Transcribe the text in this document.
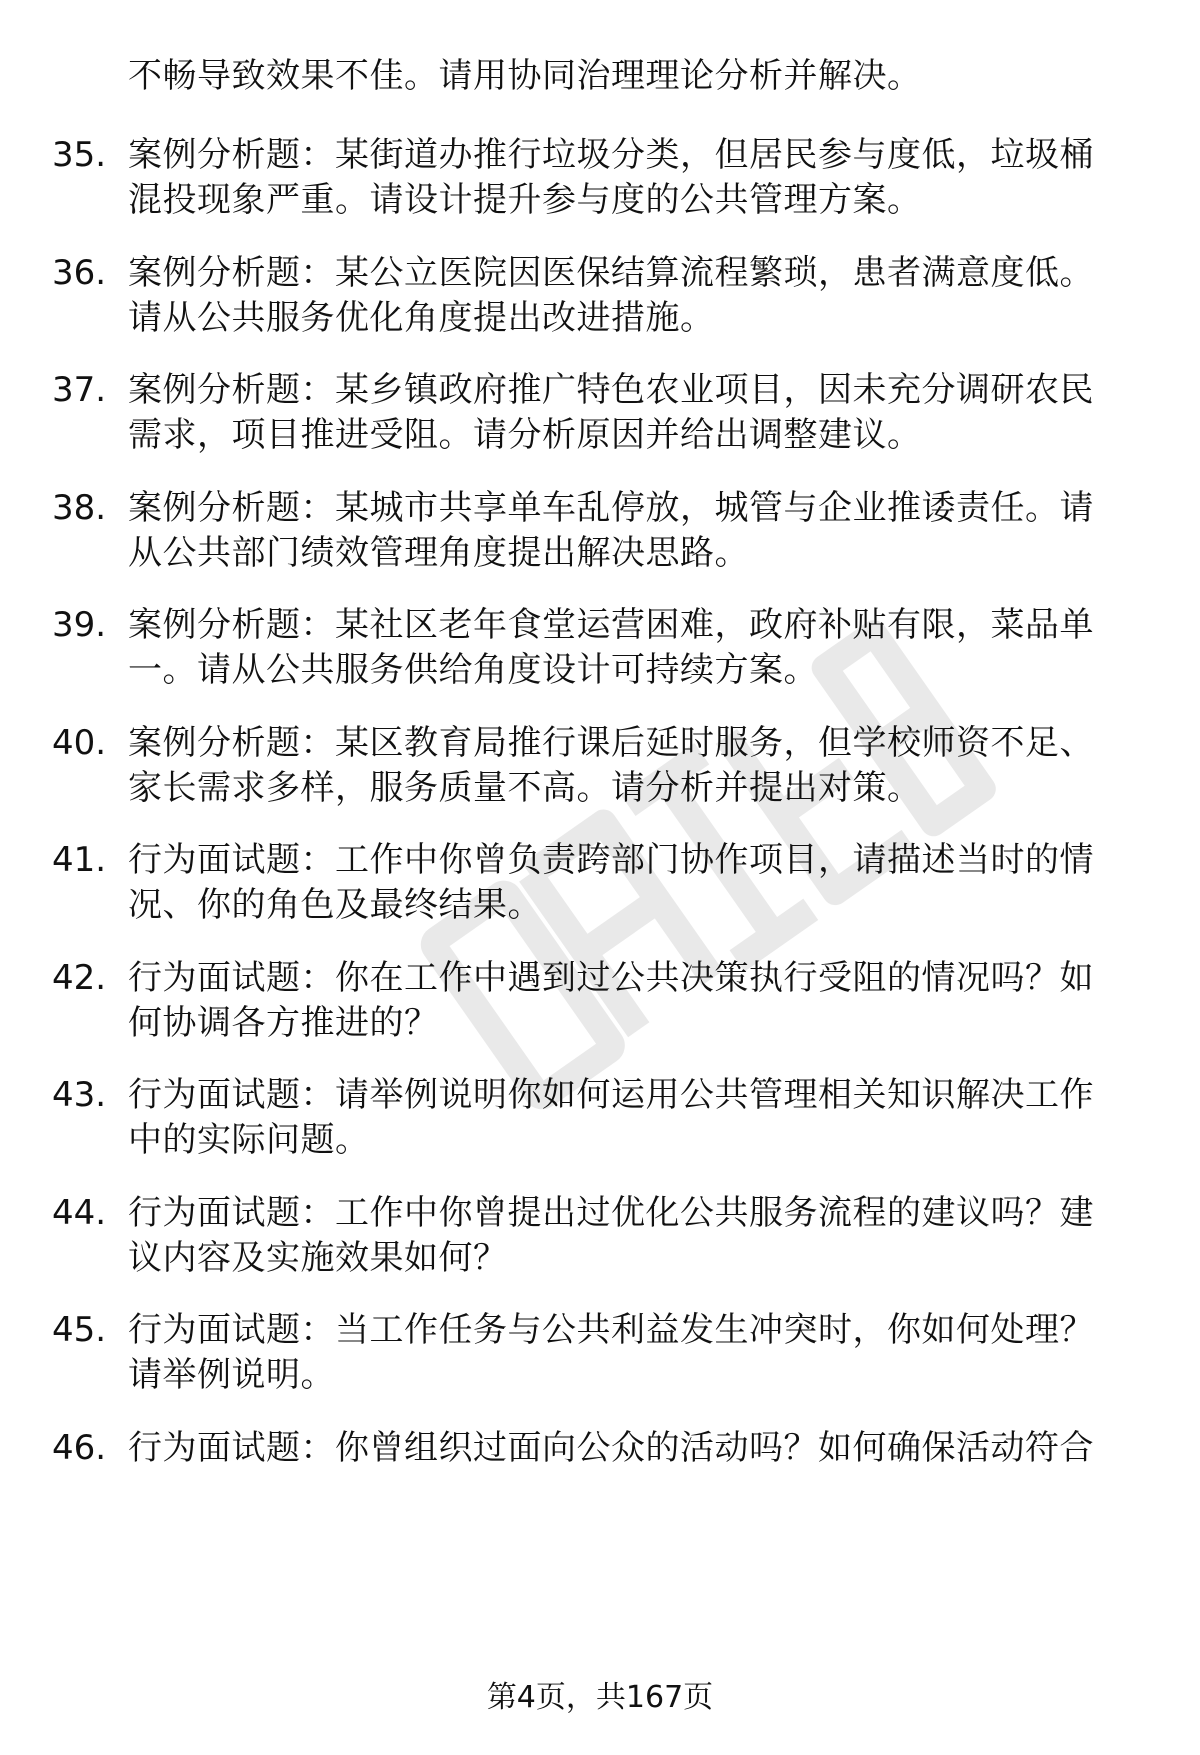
不畅导致效果不佳。请用协同治理理论分析并解决。
35. 案例分析题：某街道办推行垃圾分类，但居民参与度低，垃圾桶
混投现象严重。请设计提升参与度的公共管理方案。
36. 案例分析题：某公立医院因医保结算流程繁琐，患者满意度低。
请从公共服务优化角度提出改进措施。
37. 案例分析题：某乡镇政府推广特色农业项目，因未充分调研农民
需求，项目推进受阻。请分析原因并给出调整建议。
38. 案例分析题：某城市共享单车乱停放，城管与企业推诿责任。请
从公共部门绩效管理角度提出解决思路。
39. 案例分析题：某社区老年食堂运营困难，政府补贴有限，菜品单
一。请从公共服务供给角度设计可持续方案。
40. 案例分析题：某区教育局推行课后延时服务，但学校师资不足、
家长需求多样，服务质量不高。请分析并提出对策。
41. 行为面试题：工作中你曾负责跨部门协作项目，请描述当时的情
况、你的角色及最终结果。
42. 行为面试题：你在工作中遇到过公共决策执行受阻的情况吗？如
何协调各方推进的？
43. 行为面试题：请举例说明你如何运用公共管理相关知识解决工作
中的实际问题。
44. 行为面试题：工作中你曾提出过优化公共服务流程的建议吗？建
议内容及实施效果如何？
45. 行为面试题：当工作任务与公共利益发生冲突时，你如何处理？
请举例说明。
46. 行为面试题：你曾组织过面向公众的活动吗？如何确保活动符合
第4页，共167页
